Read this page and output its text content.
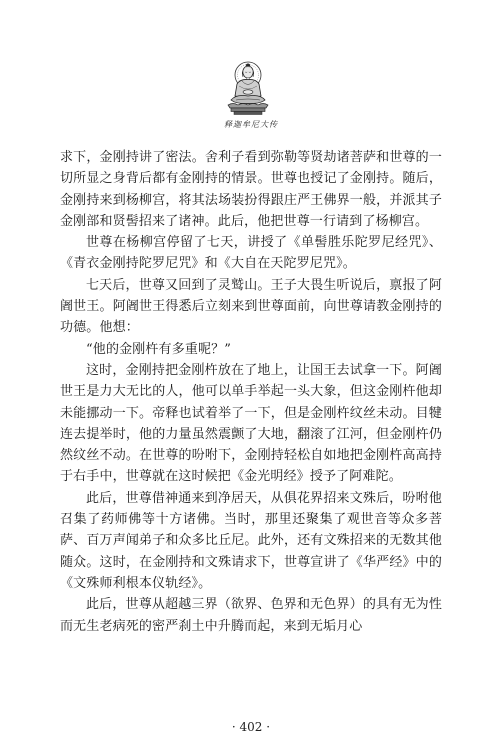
释迦牟尼大传

求下，金刚持讲了密法。舍利子看到弥勒等贤劫诸菩萨和世尊的一切所显之身背后都有金刚持的情景。世尊也授记了金刚持。随后，金刚持来到杨柳宫，将其法场装扮得跟庄严王佛界一般，并派其子金刚部和贤髻招来了诸神。此后，他把世尊一行请到了杨柳宫。

世尊在杨柳宫停留了七天，讲授了《单髻胜乐陀罗尼经咒》、《青衣金刚持陀罗尼咒》和《大自在天陀罗尼咒》。

七天后，世尊又回到了灵鹫山。王子大畏生听说后，禀报了阿阇世王。阿阇世王得悉后立刻来到世尊面前，向世尊请教金刚持的功德。他想：

“他的金刚杵有多重呢？”

这时，金刚持把金刚杵放在了地上，让国王去试拿一下。阿阇世王是力大无比的人，他可以单手举起一头大象，但这金刚杵他却未能挪动一下。帝释也试着举了一下，但是金刚杵纹丝未动。目犍连去提举时，他的力量虽然震颤了大地，翻滚了江河，但金刚杵仍然纹丝不动。在世尊的吩咐下，金刚持轻松自如地把金刚杵高高持于右手中，世尊就在这时候把《金光明经》授予了阿难陀。

此后，世尊借神通来到净居天，从俱花界招来文殊后，吩咐他召集了药师佛等十方诸佛。当时，那里还聚集了观世音等众多菩萨、百万声闻弟子和众多比丘尼。此外，还有文殊招来的无数其他随众。这时，在金刚持和文殊请求下，世尊宣讲了《华严经》中的《文殊师利根本仪轨经》。

此后，世尊从超越三界（欲界、色界和无色界）的具有无为性而无生老病死的密严刹土中升腾而起，来到无垢月心

· 402 ·
